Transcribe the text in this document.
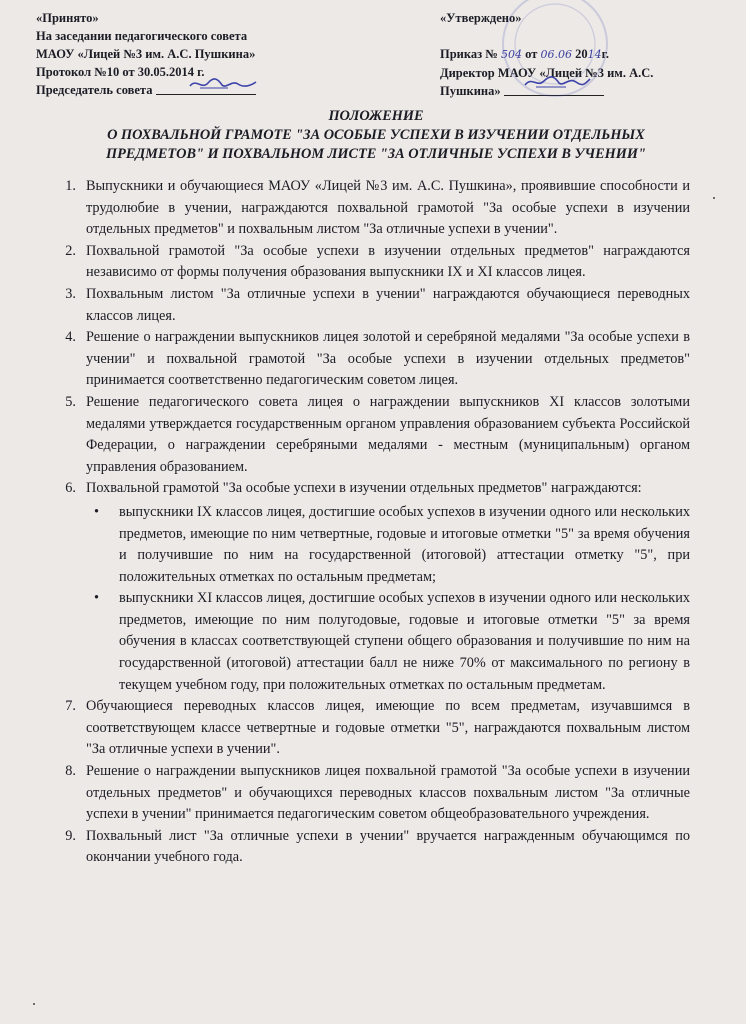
«Принято»
На заседании педагогического совета
МАОУ «Лицей №3 им. А.С. Пушкина»
Протокол №10 от 30.05.2014 г.
Председатель совета
«Утверждено»

Приказ № 504 от 06.06 2014г.
Директор МАОУ «Лицей №3 им. А.С.
Пушкина»
ПОЛОЖЕНИЕ
О ПОХВАЛЬНОЙ ГРАМОТЕ "ЗА ОСОБЫЕ УСПЕХИ В ИЗУЧЕНИИ ОТДЕЛЬНЫХ
ПРЕДМЕТОВ" И ПОХВАЛЬНОМ ЛИСТЕ "ЗА ОТЛИЧНЫЕ УСПЕХИ В УЧЕНИИ"
1. Выпускники и обучающиеся МАОУ «Лицей №3 им. А.С. Пушкина», проявившие способности и трудолюбие в учении, награждаются похвальной грамотой "За особые успехи в изучении отдельных предметов" и похвальным листом "За отличные успехи в учении".
2. Похвальной грамотой "За особые успехи в изучении отдельных предметов" награждаются независимо от формы получения образования выпускники IX и XI классов лицея.
3. Похвальным листом "За отличные успехи в учении" награждаются обучающиеся переводных классов лицея.
4. Решение о награждении выпускников лицея золотой и серебряной медалями "За особые успехи в учении" и похвальной грамотой "За особые успехи в изучении отдельных предметов" принимается соответственно педагогическим советом лицея.
5. Решение педагогического совета лицея о награждении выпускников XI классов золотыми медалями утверждается государственным органом управления образованием субъекта Российской Федерации, о награждении серебряными медалями - местным (муниципальным) органом управления образованием.
6. Похвальной грамотой "За особые успехи в изучении отдельных предметов" награждаются:
• выпускники IX классов лицея, достигшие особых успехов в изучении одного или нескольких предметов, имеющие по ним четвертные, годовые и итоговые отметки "5" за время обучения и получившие по ним на государственной (итоговой) аттестации отметку "5", при положительных отметках по остальным предметам;
• выпускники XI классов лицея, достигшие особых успехов в изучении одного или нескольких предметов, имеющие по ним полугодовые, годовые и итоговые отметки "5" за время обучения в классах соответствующей ступени общего образования и получившие по ним на государственной (итоговой) аттестации балл не ниже 70% от максимального по региону в текущем учебном году, при положительных отметках по остальным предметам.
7. Обучающиеся переводных классов лицея, имеющие по всем предметам, изучавшимся в соответствующем классе четвертные и годовые отметки "5", награждаются похвальным листом "За отличные успехи в учении".
8. Решение о награждении выпускников лицея похвальной грамотой "За особые успехи в изучении отдельных предметов" и обучающихся переводных классов похвальным листом "За отличные успехи в учении" принимается педагогическим советом общеобразовательного учреждения.
9. Похвальный лист "За отличные успехи в учении" вручается награжденным обучающимся по окончании учебного года.
